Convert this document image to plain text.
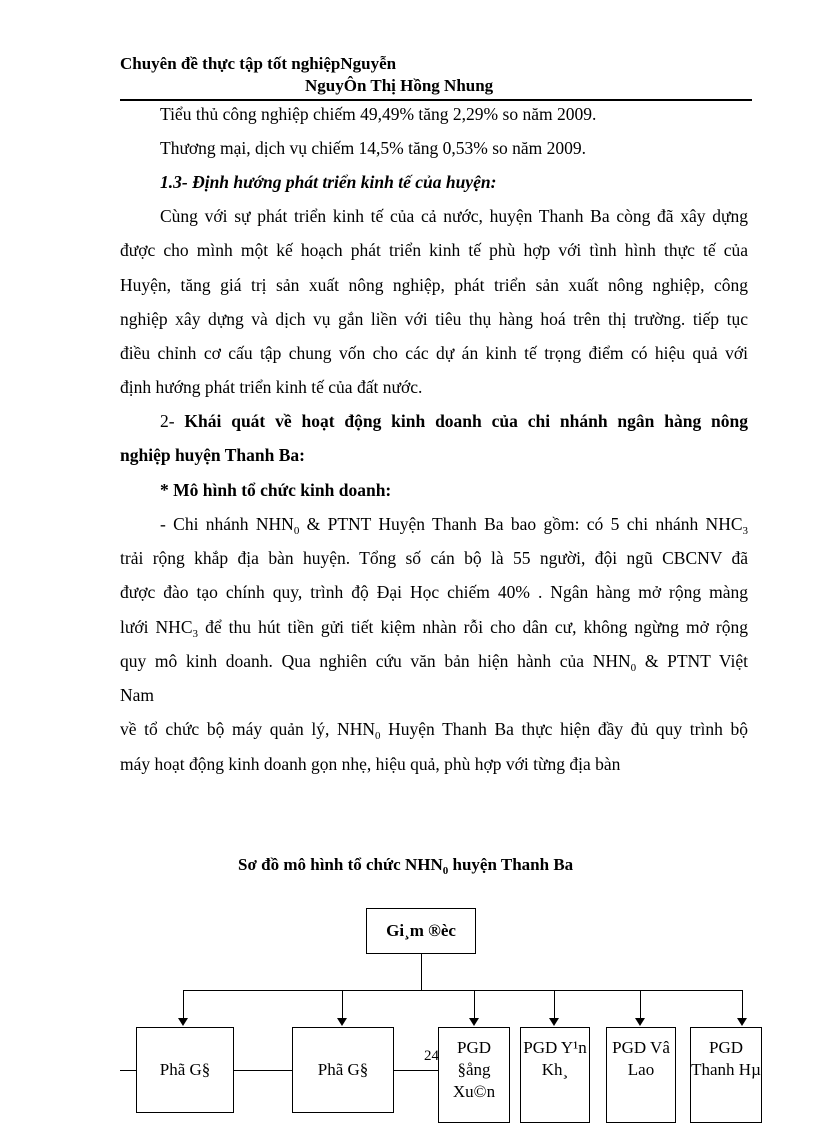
Chuyên đề thực tập tốt nghiệpNguyễn
NguyÔn Thị Hồng Nhung
Tiểu thủ công nghiệp chiếm 49,49% tăng 2,29% so năm 2009.
Thương mại, dịch vụ chiếm 14,5% tăng 0,53% so năm 2009.
1.3- Định hướng phát triển kinh tế của huyện:
Cùng với sự phát triển kinh tế của cả nước, huyện Thanh Ba còng đã xây dựng
được cho mình một kế hoạch phát triển kinh tế phù hợp với tình hình thực tế của
Huyện, tăng giá trị sản xuất nông nghiệp, phát triển sản xuất nông nghiệp, công
nghiệp xây dựng và dịch vụ gắn liền với tiêu thụ hàng hoá trên thị trường. tiếp tục
điều chỉnh cơ cấu tập chung vốn cho các dự án kinh tế trọng điểm có hiệu quả với
định hướng phát triển kinh tế của đất nước.
2- Khái quát về hoạt động kinh doanh của chi nhánh ngân hàng nông
nghiệp huyện Thanh Ba:
* Mô hình tổ chức kinh doanh:
- Chi nhánh $NHN_0$ & PTNT Huyện Thanh Ba bao gồm: có 5 chi nhánh $NHC_3$
trải rộng khắp địa bàn huyện. Tổng số cán bộ là 55 người, đội ngũ CBCNV đã
được đào tạo chính quy, trình độ Đại Học chiếm 40% . Ngân hàng mở rộng màng
lưới $NHC_3$ để thu hút tiền gửi tiết kiệm nhàn rỗi cho dân cư, không ngừng mở rộng
quy mô kinh doanh. Qua nghiên cứu văn bản hiện hành của $NHN_0$ & PTNT Việt
Nam
về tổ chức bộ máy quản lý, $NHN_0$ Huyện Thanh Ba thực hiện đầy đủ quy trình bộ
máy hoạt động kinh doanh gọn nhẹ, hiệu quả, phù hợp với từng địa bàn
Sơ đồ mô hình tổ chức $NHN_0$ huyện Thanh Ba
Gi¸m ®èc
Phã G§	Phã G§
PGD §ång Xu©n
PGD Y¹n Kh¸
PGD Vâ Lao
PGD Thanh Hµ
24
